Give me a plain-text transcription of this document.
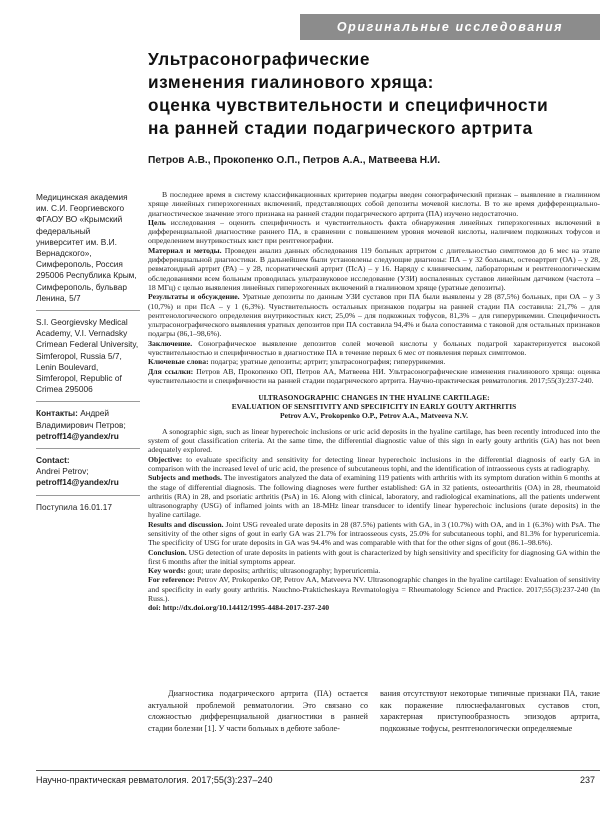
Оригинальные исследования
Ультрасонографические
изменения гиалинового хряща:
оценка чувствительности и специфичности
на ранней стадии подагрического артрита
Петров А.В., Прокопенко О.П., Петров А.А., Матвеева Н.И.
Медицинская академия им. С.И. Георгиевского ФГАОУ ВО «Крымский федеральный университет им. В.И. Вернадского», Симферополь, Россия 295006 Республика Крым, Симферополь, бульвар Ленина, 5/7
S.I. Georgievsky Medical Academy, V.I. Vernadsky Crimean Federal University, Simferopol, Russia 5/7, Lenin Boulevard, Simferopol, Republic of Crimea 295006
Контакты: Андрей Владимирович Петров; petroff14@yandex/ru
Contact:
Andrei Petrov;
petroff14@yandex/ru
Поступила 16.01.17

В последнее время в систему классификационных критериев подагры введен сонографический признак – выявление в гиалинном хряще линейных гиперэхогенных включений, представляющих собой депозиты мочевой кислоты. В то же время дифференциально-диагностическое значение этого признака на ранней стадии подагрического артрита (ПА) изучено недостаточно.

Цель исследования – оценить специфичность и чувствительность факта обнаружения линейных гиперэхогенных включений в дифференциальной диагностике раннего ПА, в сравнении с повышением уровня мочевой кислоты, наличием подкожных тофусов и определением внутрикостных кист при рентгенографии.

Материал и методы. Проведен анализ данных обследования 119 больных артритом с длительностью симптомов до 6 мес на этапе дифференциальной диагностики. В дальнейшем были установлены следующие диагнозы: ПА – у 32 больных, остеоартрит (ОА) – у 28, ревматоидный артрит (РА) – у 28, псориатический артрит (ПсА) – у 16. Наряду с клиническим, лабораторным и рентгенологическим обследованиями всем больным проводилась ультразвуковое исследование (УЗИ) воспаленных суставов линейным датчиком (частота – 18 МГц) с целью выявления линейных гиперэхогенных включений в гиалиновом хряще (уратные депозиты).

Результаты и обсуждение. Уратные депозиты по данным УЗИ суставов при ПА были выявлены у 28 (87,5%) больных, при ОА – у 3 (10,7%) и при ПсА – у 1 (6,3%). Чувствительность остальных признаков подагры на ранней стадии ПА составила: 21,7% – для рентгенологического определения внутрикостных кист, 25,0% – для подкожных тофусов, 81,3% – для гиперурикемии. Специфичность ультрасонографического выявления уратных депозитов при ПА составила 94,4% и была сопоставима с таковой для остальных признаков подагры (86,1–98,6%).

Заключение. Сонографическое выявление депозитов солей мочевой кислоты у больных подагрой характеризуется высокой чувствительностью и специфичностью в диагностике ПА в течение первых 6 мес от появления первых симптомов.

Ключевые слова: подагра; уратные депозиты; артрит; ультрасонография; гиперурикемия.

Для ссылки: Петров АВ, Прокопенко ОП, Петров АА, Матвеева НИ. Ультрасонографические изменения гиалинового хряща: оценка чувствительности и специфичности на ранней стадии подагрического артрита. Научно-практическая ревматология. 2017;55(3):237-240.

ULTRASONOGRAPHIC CHANGES IN THE HYALINE CARTILAGE:
EVALUATION OF SENSITIVITY AND SPECIFICITY IN EARLY GOUTY ARTHRITIS
Petrov A.V., Prokopenko O.P., Petrov A.A., Matveeva N.V.

A sonographic sign, such as linear hyperechoic inclusions or uric acid deposits in the hyaline cartilage, has been recently introduced into the system of gout classification criteria. At the same time, the differential diagnostic value of this sign in early gouty arthritis (GA) has not been adequately explored.

Objective: to evaluate specificity and sensitivity for detecting linear hyperechoic inclusions in the differential diagnosis of early GA in comparison with the increased level of uric acid, the presence of subcutaneous tophi, and the identification of intraosseous cysts at radiography.

Subjects and methods. The investigators analyzed the data of examining 119 patients with arthritis with its symptom duration within 6 months at the stage of differential diagnosis. The following diagnoses were further established: GA in 32 patients, osteoarthritis (OA) in 28, rheumatoid arthritis (RA) in 28, and psoriatic arthritis (PsA) in 16. Along with clinical, laboratory, and radiological examinations, all the patients underwent ultrasonography (USG) of inflamed joints with an 18-MHz linear transducer to identify linear hyperechoic inclusions (urate deposits) in the hyaline cartilage.

Results and discussion. Joint USG revealed urate deposits in 28 (87.5%) patients with GA, in 3 (10.7%) with OA, and in 1 (6.3%) with PsA. The sensitivity of the other signs of gout in early GA was 21.7% for intraosseous cysts, 25.0% for subcutaneous tophi, and 81.3% for hyperuricemia. The specificity of USG for urate deposits in GA was 94.4% and was comparable with that for the other signs of gout (86.1–98.6%).

Conclusion. USG detection of urate deposits in patients with gout is characterized by high sensitivity and specificity for diagnosing GA within the first 6 months after the initial symptoms appear.

Key words: gout; urate deposits; arthritis; ultrasonography; hyperuricemia.

For reference: Petrov AV, Prokopenko OP, Petrov AA, Matveeva NV. Ultrasonographic changes in the hyaline cartilage: Evaluation of sensitivity and specificity in early gouty arthritis. Nauchno-Prakticheskaya Revmatologiya = Rheumatology Science and Practice. 2017;55(3):237-240 (In Russ.).

doi: http://dx.doi.org/10.14412/1995-4484-2017-237-240

Диагностика подагрического артрита (ПА) остается актуальной проблемой ревматологии. Это связано со сложностью дифференциальной диагностики в ранней стадии болезни [1]. У части больных в дебюте заболе-
вания отсутствуют некоторые типичные признаки ПА, такие как поражение плюснефаланговых суставов стоп, характерная приступообразность эпизодов артрита, подкожные тофусы, рентгенологически определяемые
Научно-практическая ревматология. 2017;55(3):237–240	237
